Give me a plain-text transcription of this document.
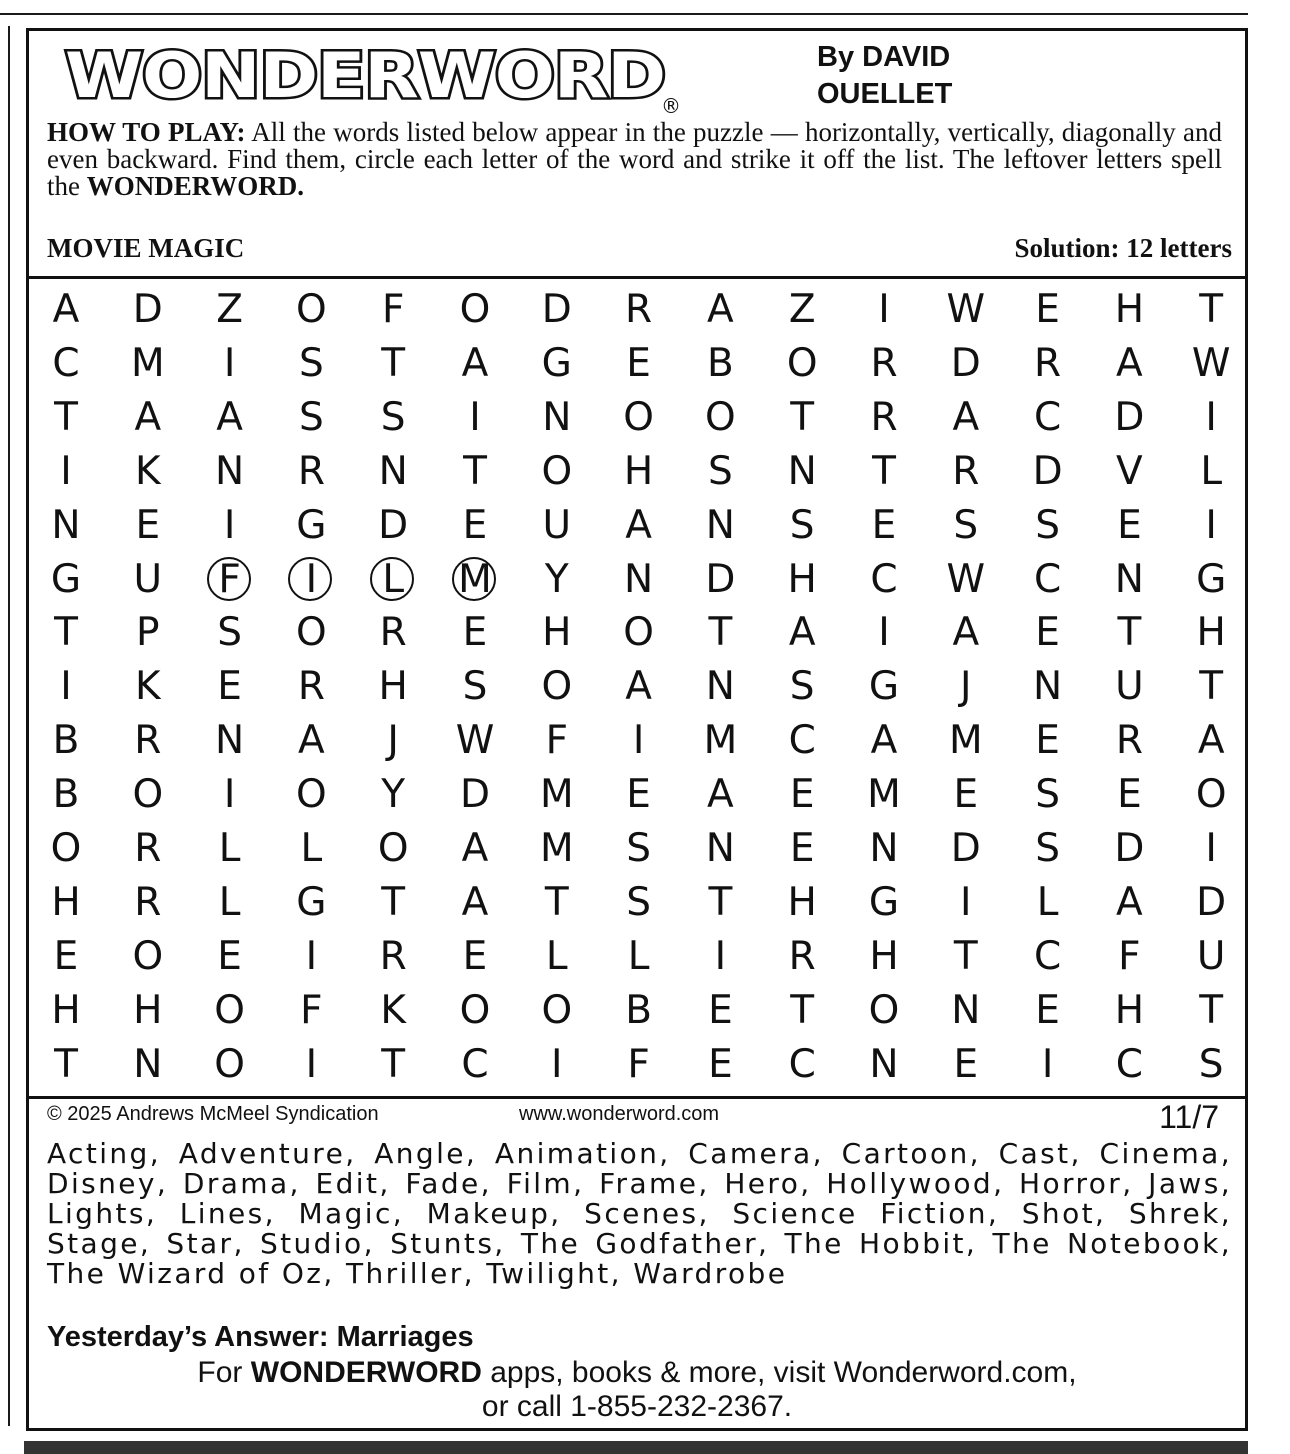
WONDERWORD
®
By DAVID
OUELLET
HOW TO PLAY: All the words listed below appear in the puzzle — horizontally, vertically, diagonally and even backward. Find them, circle each letter of the word and strike it off the list. The leftover letters spell the WONDERWORD.
MOVIE MAGIC	Solution: 12 letters
A	D	Z	O	F	O	D	R	A	Z	I	W	E	H	T
C	M	I	S	T	A	G	E	B	O	R	D	R	A	W
T	A	A	S	S	I	N	O	O	T	R	A	C	D	I
I	K	N	R	N	T	O	H	S	N	T	R	D	V	L
N	E	I	G	D	E	U	A	N	S	E	S	S	E	I
G	U	F	I	L	M	Y	N	D	H	C	W	C	N	G
T	P	S	O	R	E	H	O	T	A	I	A	E	T	H
I	K	E	R	H	S	O	A	N	S	G	J	N	U	T
B	R	N	A	J	W	F	I	M	C	A	M	E	R	A
B	O	I	O	Y	D	M	E	A	E	M	E	S	E	O
O	R	L	L	O	A	M	S	N	E	N	D	S	D	I
H	R	L	G	T	A	T	S	T	H	G	I	L	A	D
E	O	E	I	R	E	L	L	I	R	H	T	C	F	U
H	H	O	F	K	O	O	B	E	T	O	N	E	H	T
T	N	O	I	T	C	I	F	E	C	N	E	I	C	S
© 2025 Andrews McMeel Syndication	www.wonderword.com	11/7
Acting, Adventure, Angle, Animation, Camera, Cartoon, Cast, Cinema, Disney, Drama, Edit, Fade, Film, Frame, Hero, Hollywood, Horror, Jaws, Lights, Lines, Magic, Makeup, Scenes, Science Fiction, Shot, Shrek, Stage, Star, Studio, Stunts, The Godfather, The Hobbit, The Notebook, The Wizard of Oz, Thriller, Twilight, Wardrobe
Yesterday’s Answer: Marriages
For WONDERWORD apps, books & more, visit Wonderword.com,
or call 1-855-232-2367.
